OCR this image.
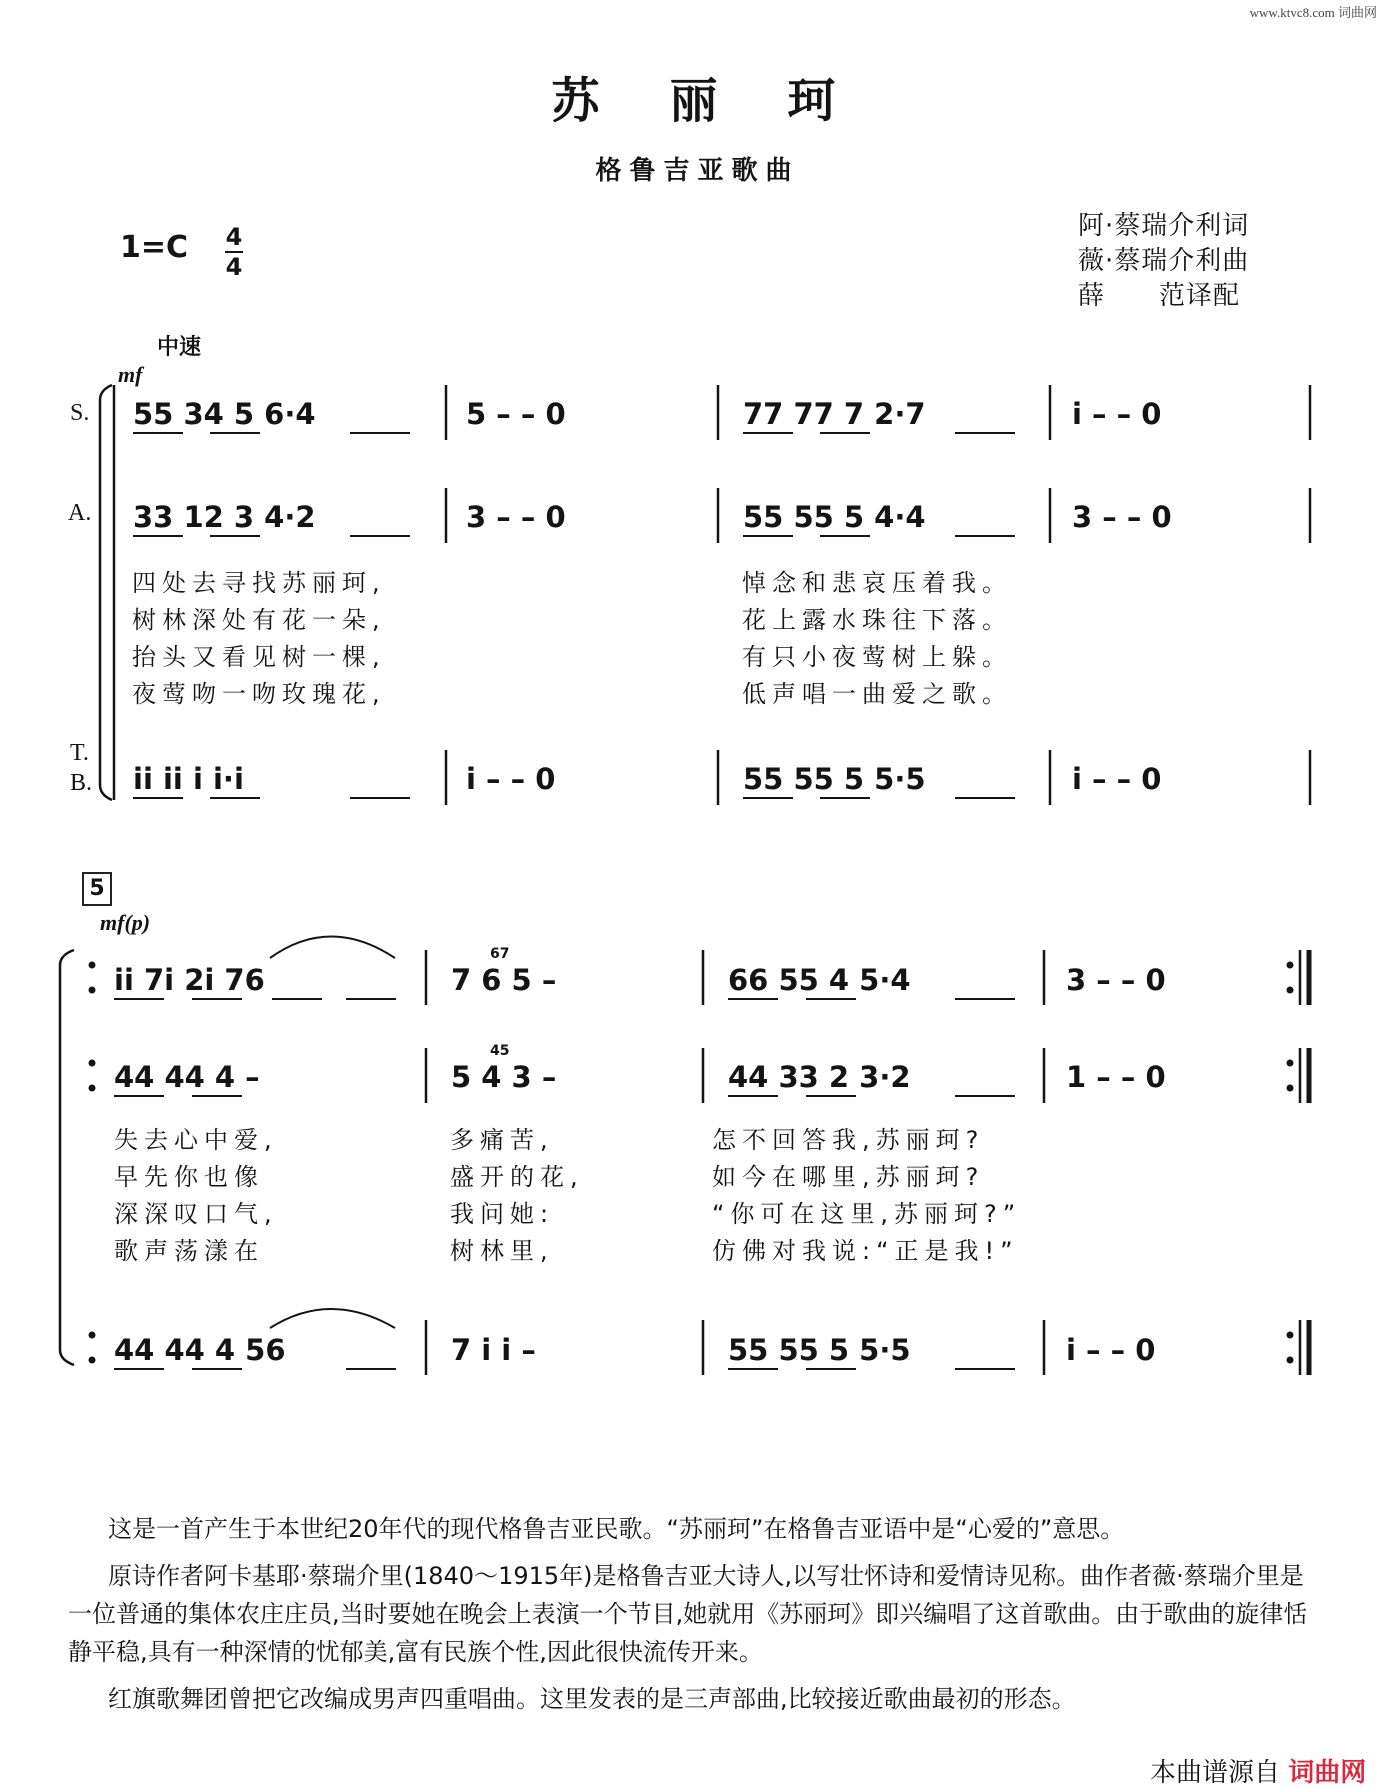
www.ktvc8.com 词曲网
苏丽珂
格鲁吉亚歌曲
1=C 4
4
阿·蔡瑞介利词
薇·蔡瑞介利曲
薛　　范译配
中速
mf
S.
A.
T.
B.
55 34 5 6·4	5 – – 0	77 77 7 2·7	i – – 0
33 12 3 4·2	3 – – 0	55 55 5 4·4	3 – – 0
四处去寻找苏丽珂,
树林深处有花一朵,
抬头又看见树一棵,
夜莺吻一吻玫瑰花,
悼念和悲哀压着我。
花上露水珠往下落。
有只小夜莺树上躲。
低声唱一曲爱之歌。
ii ii i i·i	i – – 0	55 55 5 5·5	i – – 0
5
mf(p)
ii 7i 2i 76	7 6 5 –	66 55 4 5·4	3 – – 0
67
44 44 4 –	5 4 3 –	44 33 2 3·2	1 – – 0
45
失去心中爱,
早先你也像
深深叹口气,
歌声荡漾在
多痛苦,
盛开的花,
我问她:
树林里,
怎不回答我,苏丽珂?
如今在哪里,苏丽珂?
“你可在这里,苏丽珂?”
仿佛对我说:“正是我!”
44 44 4 56	7 i i –	55 55 5 5·5	i – – 0

这是一首产生于本世纪20年代的现代格鲁吉亚民歌。“苏丽珂”在格鲁吉亚语中是“心爱的”意思。

原诗作者阿卡基耶·蔡瑞介里(1840～1915年)是格鲁吉亚大诗人,以写壮怀诗和爱情诗见称。曲作者薇·蔡瑞介里是一位普通的集体农庄庄员,当时要她在晚会上表演一个节目,她就用《苏丽珂》即兴编唱了这首歌曲。由于歌曲的旋律恬静平稳,具有一种深情的忧郁美,富有民族个性,因此很快流传开来。

红旗歌舞团曾把它改编成男声四重唱曲。这里发表的是三声部曲,比较接近歌曲最初的形态。

本曲谱源自 词曲网
